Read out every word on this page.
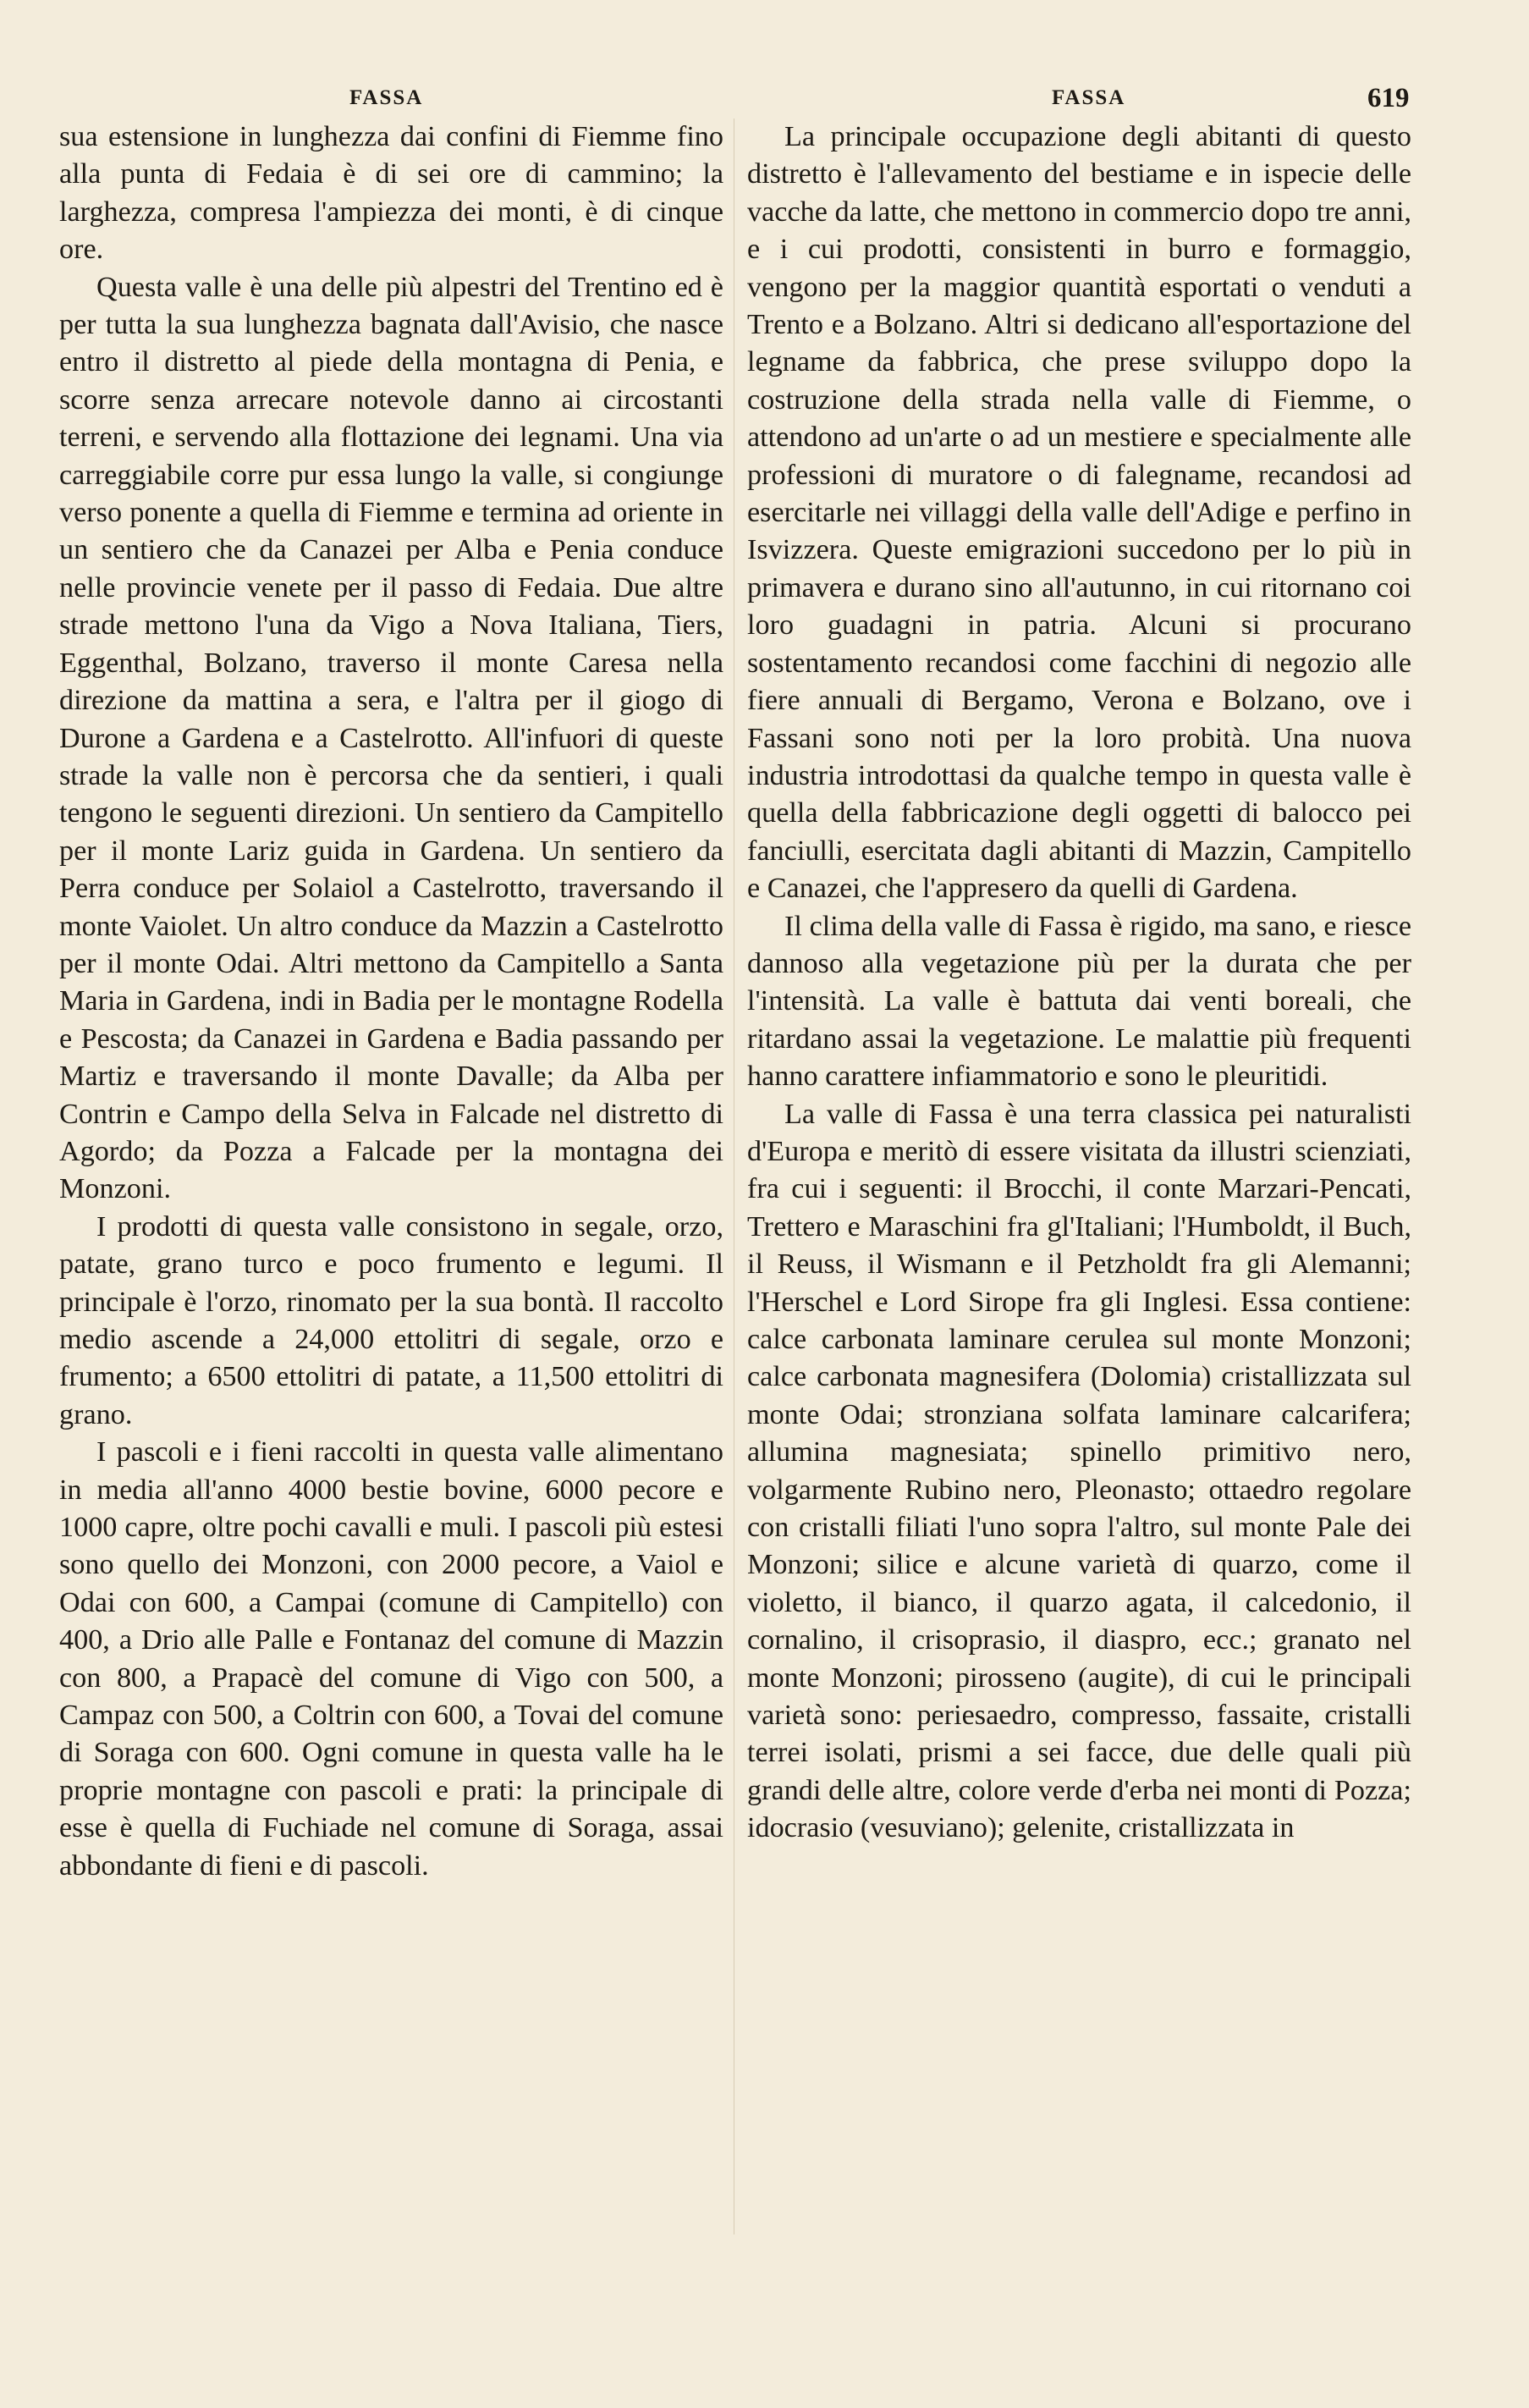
FASSA	FASSA	619

sua estensione in lunghezza dai confini di Fiemme fino alla punta di Fedaia è di sei ore di cammino; la larghezza, compresa l'ampiezza dei monti, è di cinque ore.

Questa valle è una delle più alpestri del Trentino ed è per tutta la sua lunghezza bagnata dall'Avisio, che nasce entro il distretto al piede della montagna di Penia, e scorre senza arrecare notevole danno ai circostanti terreni, e servendo alla flottazione dei legnami. Una via carreggiabile corre pur essa lungo la valle, si congiunge verso ponente a quella di Fiemme e termina ad oriente in un sentiero che da Canazei per Alba e Penia conduce nelle provincie venete per il passo di Fedaia. Due altre strade mettono l'una da Vigo a Nova Italiana, Tiers, Eggenthal, Bolzano, traverso il monte Caresa nella direzione da mattina a sera, e l'altra per il giogo di Durone a Gardena e a Castelrotto. All'infuori di queste strade la valle non è percorsa che da sentieri, i quali tengono le seguenti direzioni. Un sentiero da Campitello per il monte Lariz guida in Gardena. Un sentiero da Perra conduce per Solaiol a Castelrotto, traversando il monte Vaiolet. Un altro conduce da Mazzin a Castelrotto per il monte Odai. Altri mettono da Campitello a Santa Maria in Gardena, indi in Badia per le montagne Rodella e Pescosta; da Canazei in Gardena e Badia passando per Martiz e traversando il monte Davalle; da Alba per Contrin e Campo della Selva in Falcade nel distretto di Agordo; da Pozza a Falcade per la montagna dei Monzoni.

I prodotti di questa valle consistono in segale, orzo, patate, grano turco e poco frumento e legumi. Il principale è l'orzo, rinomato per la sua bontà. Il raccolto medio ascende a 24,000 ettolitri di segale, orzo e frumento; a 6500 ettolitri di patate, a 11,500 ettolitri di grano.

I pascoli e i fieni raccolti in questa valle alimentano in media all'anno 4000 bestie bovine, 6000 pecore e 1000 capre, oltre pochi cavalli e muli. I pascoli più estesi sono quello dei Monzoni, con 2000 pecore, a Vaiol e Odai con 600, a Campai (comune di Campitello) con 400, a Drio alle Palle e Fontanaz del comune di Mazzin con 800, a Prapacè del comune di Vigo con 500, a Campaz con 500, a Coltrin con 600, a Tovai del comune di Soraga con 600. Ogni comune in questa valle ha le proprie montagne con pascoli e prati: la principale di esse è quella di Fuchiade nel comune di Soraga, assai abbondante di fieni e di pascoli.

La principale occupazione degli abitanti di questo distretto è l'allevamento del bestiame e in ispecie delle vacche da latte, che mettono in commercio dopo tre anni, e i cui prodotti, consistenti in burro e formaggio, vengono per la maggior quantità esportati o venduti a Trento e a Bolzano. Altri si dedicano all'esportazione del legname da fabbrica, che prese sviluppo dopo la costruzione della strada nella valle di Fiemme, o attendono ad un'arte o ad un mestiere e specialmente alle professioni di muratore o di falegname, recandosi ad esercitarle nei villaggi della valle dell'Adige e perfino in Isvizzera. Queste emigrazioni succedono per lo più in primavera e durano sino all'autunno, in cui ritornano coi loro guadagni in patria. Alcuni si procurano sostentamento recandosi come facchini di negozio alle fiere annuali di Bergamo, Verona e Bolzano, ove i Fassani sono noti per la loro probità. Una nuova industria introdottasi da qualche tempo in questa valle è quella della fabbricazione degli oggetti di balocco pei fanciulli, esercitata dagli abitanti di Mazzin, Campitello e Canazei, che l'appresero da quelli di Gardena.

Il clima della valle di Fassa è rigido, ma sano, e riesce dannoso alla vegetazione più per la durata che per l'intensità. La valle è battuta dai venti boreali, che ritardano assai la vegetazione. Le malattie più frequenti hanno carattere infiammatorio e sono le pleuritidi.

La valle di Fassa è una terra classica pei naturalisti d'Europa e meritò di essere visitata da illustri scienziati, fra cui i seguenti: il Brocchi, il conte Marzari-Pencati, Trettero e Maraschini fra gl'Italiani; l'Humboldt, il Buch, il Reuss, il Wismann e il Petzholdt fra gli Alemanni; l'Herschel e Lord Sirope fra gli Inglesi. Essa contiene: calce carbonata laminare cerulea sul monte Monzoni; calce carbonata magnesifera (Dolomia) cristallizzata sul monte Odai; stronziana solfata laminare calcarifera; allumina magnesiata; spinello primitivo nero, volgarmente Rubino nero, Pleonasto; ottaedro regolare con cristalli filiati l'uno sopra l'altro, sul monte Pale dei Monzoni; silice e alcune varietà di quarzo, come il violetto, il bianco, il quarzo agata, il calcedonio, il cornalino, il crisoprasio, il diaspro, ecc.; granato nel monte Monzoni; pirosseno (augite), di cui le principali varietà sono: periesaedro, compresso, fassaite, cristalli terrei isolati, prismi a sei facce, due delle quali più grandi delle altre, colore verde d'erba nei monti di Pozza; idocrasio (vesuviano); gelenite, cristallizzata in
